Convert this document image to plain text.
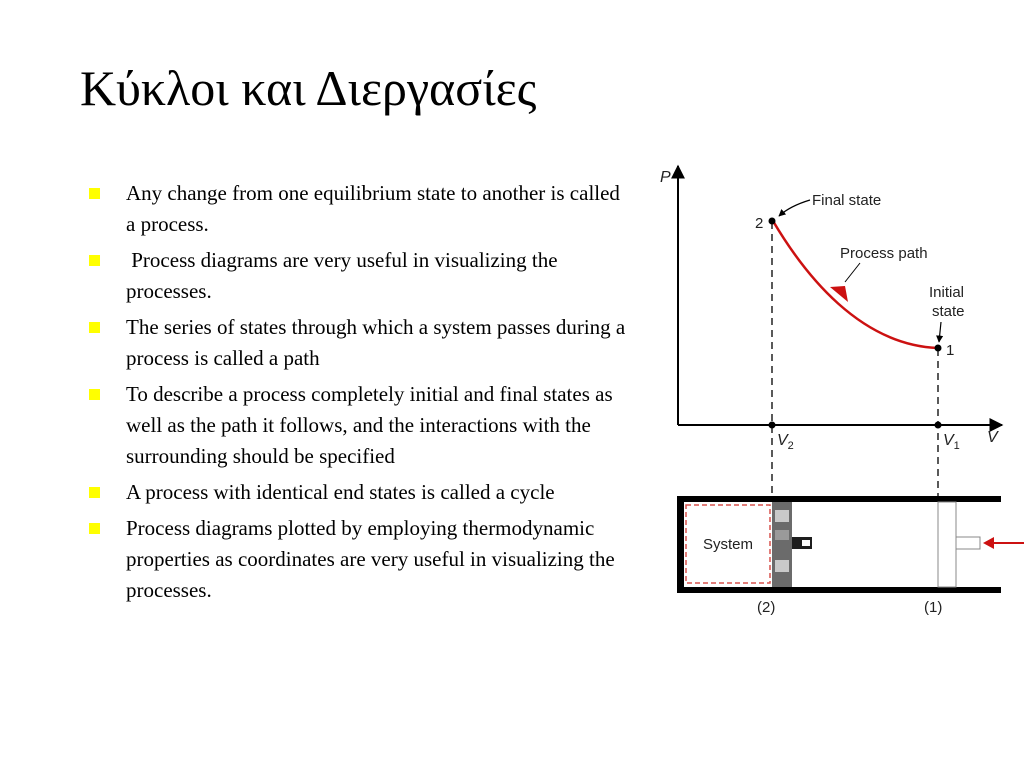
Κύκλοι και Διεργασίες
Any change from one equilibrium state to another is called a process.
Process diagrams are very useful in visualizing the processes.
The series of states through which a system passes during a process is called a path
To describe a process completely initial and final states as well as the path it follows, and the interactions with the surrounding should be specified
A process with identical end states is called a cycle
Process diagrams plotted by employing thermodynamic properties as coordinates are very useful in visualizing the processes.
P
V
2
1
Final state
Process path
Initial
state
$V_2$	$V_1$
System
(2)	(1)
